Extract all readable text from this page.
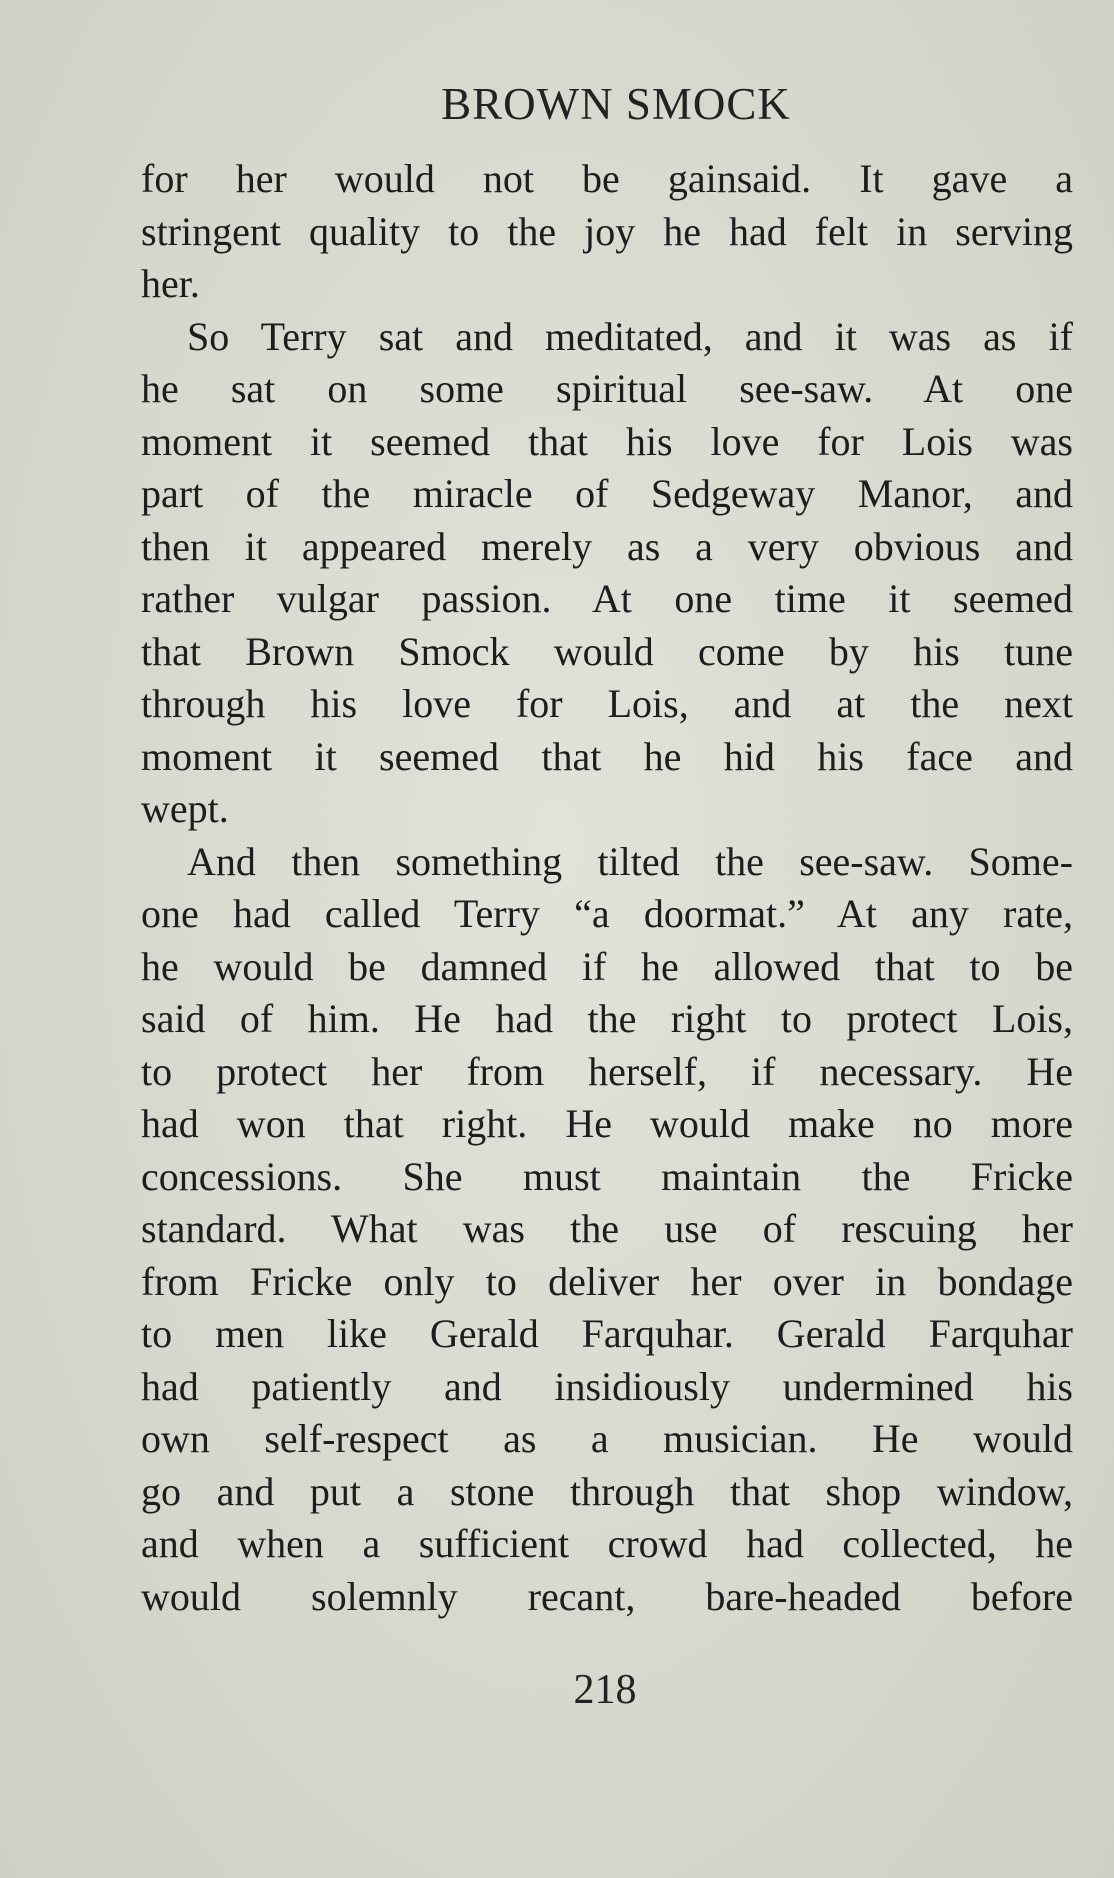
BROWN SMOCK
for her would not be gainsaid. It gave a
stringent quality to the joy he had felt in serving
her.
So Terry sat and meditated, and it was as if
he sat on some spiritual see-saw. At one
moment it seemed that his love for Lois was
part of the miracle of Sedgeway Manor, and
then it appeared merely as a very obvious and
rather vulgar passion. At one time it seemed
that Brown Smock would come by his tune
through his love for Lois, and at the next
moment it seemed that he hid his face and
wept.
And then something tilted the see-saw. Some-
one had called Terry “a doormat.” At any rate,
he would be damned if he allowed that to be
said of him. He had the right to protect Lois,
to protect her from herself, if necessary. He
had won that right. He would make no more
concessions. She must maintain the Fricke
standard. What was the use of rescuing her
from Fricke only to deliver her over in bondage
to men like Gerald Farquhar. Gerald Farquhar
had patiently and insidiously undermined his
own self-respect as a musician. He would
go and put a stone through that shop window,
and when a sufficient crowd had collected, he
would solemnly recant, bare-headed before
218
